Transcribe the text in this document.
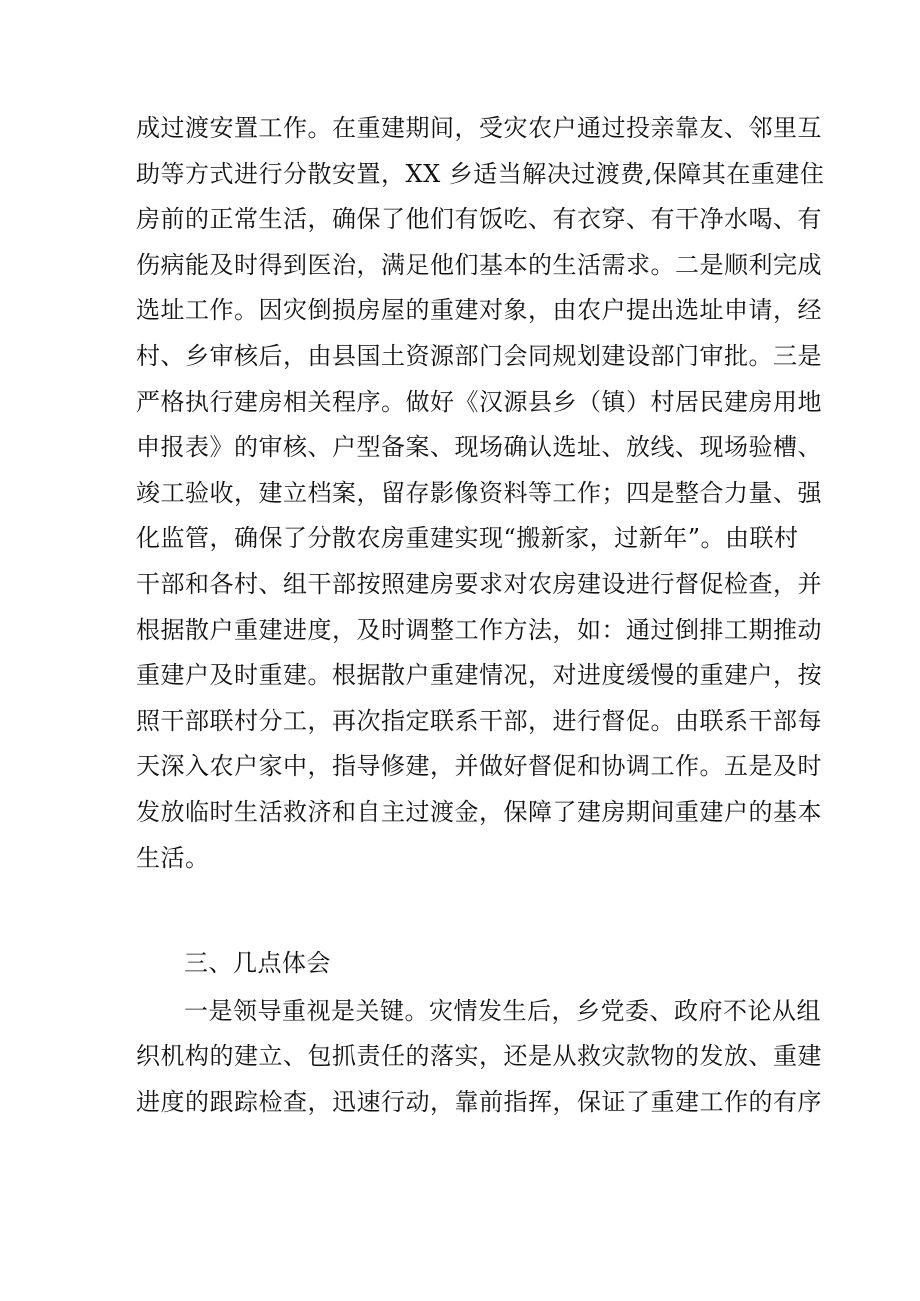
成过渡安置工作。在重建期间，受灾农户通过投亲靠友、邻里互
助等方式进行分散安置，XX 乡适当解决过渡费,保障其在重建住
房前的正常生活，确保了他们有饭吃、有衣穿、有干净水喝、有
伤病能及时得到医治，满足他们基本的生活需求。二是顺利完成
选址工作。因灾倒损房屋的重建对象，由农户提出选址申请，经
村、乡审核后，由县国土资源部门会同规划建设部门审批。三是
严格执行建房相关程序。做好《汉源县乡（镇）村居民建房用地
申报表》的审核、户型备案、现场确认选址、放线、现场验槽、
竣工验收，建立档案，留存影像资料等工作；四是整合力量、强
化监管，确保了分散农房重建实现“搬新家，过新年”。由联村
干部和各村、组干部按照建房要求对农房建设进行督促检查，并
根据散户重建进度，及时调整工作方法，如：通过倒排工期推动
重建户及时重建。根据散户重建情况，对进度缓慢的重建户，按
照干部联村分工，再次指定联系干部，进行督促。由联系干部每
天深入农户家中，指导修建，并做好督促和协调工作。五是及时
发放临时生活救济和自主过渡金，保障了建房期间重建户的基本
生活。
三、几点体会
一是领导重视是关键。灾情发生后，乡党委、政府不论从组
织机构的建立、包抓责任的落实，还是从救灾款物的发放、重建
进度的跟踪检查，迅速行动，靠前指挥，保证了重建工作的有序
